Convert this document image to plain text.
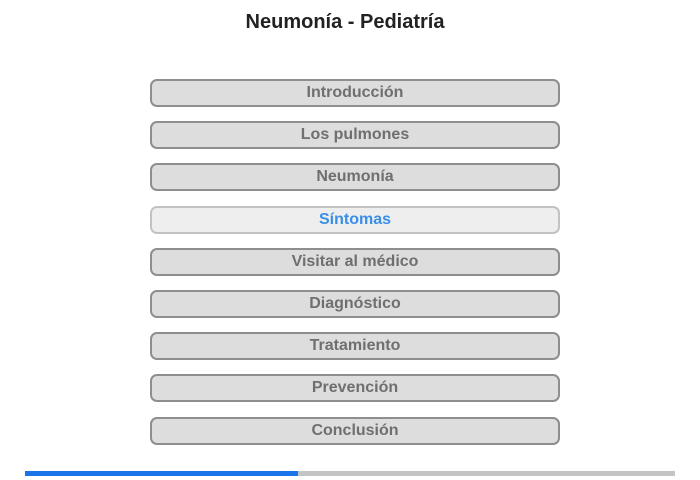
Neumonía - Pediatría
Introducción
Los pulmones
Neumonía
Síntomas
Visitar al médico
Diagnóstico
Tratamiento
Prevención
Conclusión
